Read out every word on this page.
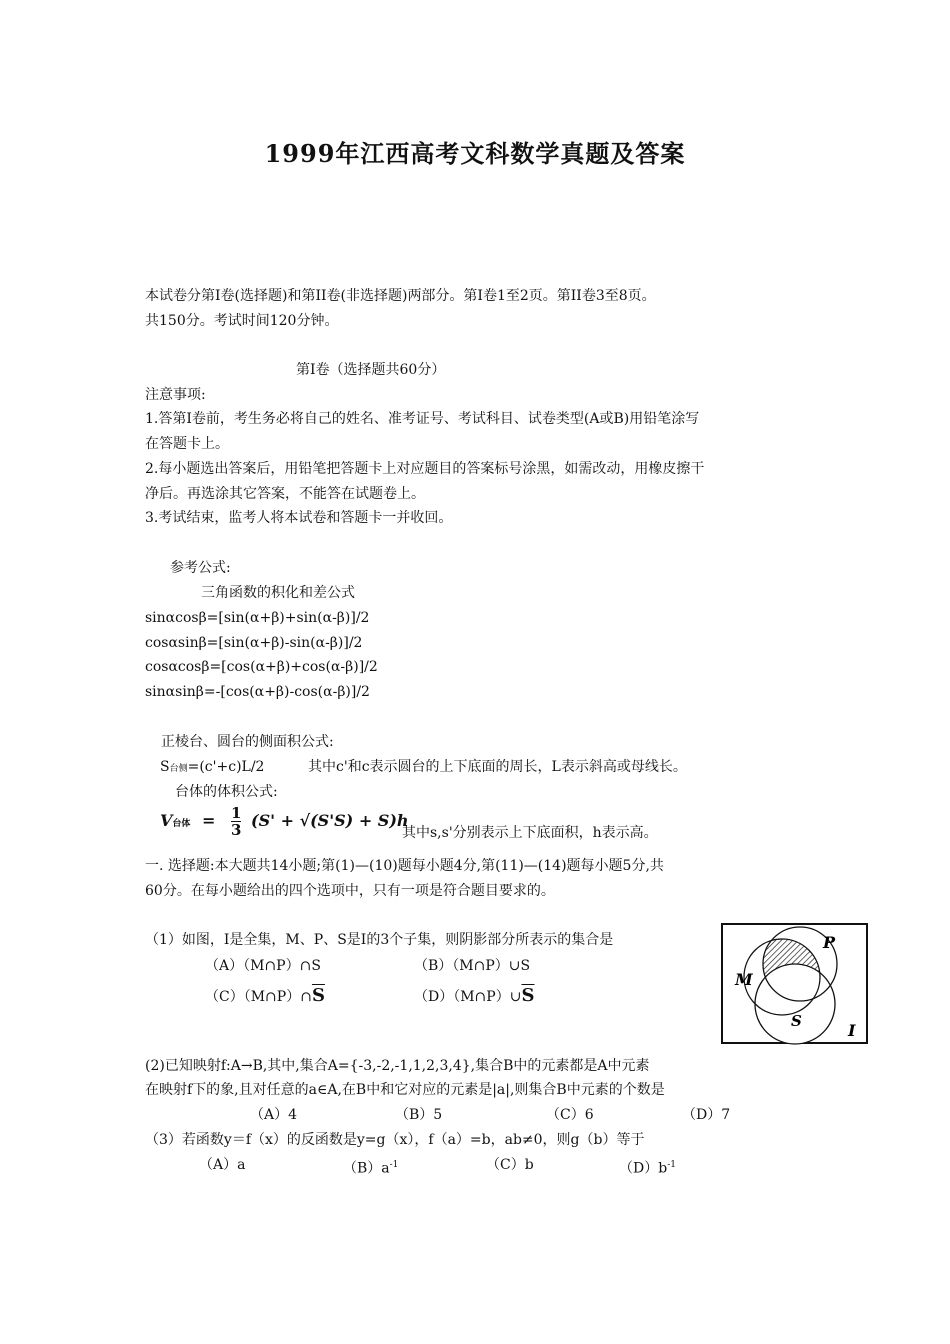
1999年江西高考文科数学真题及答案
本试卷分第Ⅰ卷(选择题)和第II卷(非选择题)两部分。第Ⅰ卷1至2页。第II卷3至8页。
共150分。考试时间120分钟。
第Ⅰ卷（选择题共60分）
注意事项:
1.答第Ⅰ卷前，考生务必将自己的姓名、准考证号、考试科目、试卷类型(A或B)用铅笔涂写
在答题卡上。
2.每小题选出答案后，用铅笔把答题卡上对应题目的答案标号涂黑，如需改动，用橡皮擦干
净后。再选涂其它答案，不能答在试题卷上。
3.考试结束，监考人将本试卷和答题卡一并收回。
参考公式:
三角函数的积化和差公式
sinαcosβ=[sin(α+β)+sin(α-β)]/2
cosαsinβ=[sin(α+β)-sin(α-β)]/2
cosαcosβ=[cos(α+β)+cos(α-β)]/2
sinαsinβ=-[cos(α+β)-cos(α-β)]/2
正棱台、圆台的侧面积公式:
S台侧=(c'+c)L/2	其中c'和c表示圆台的上下底面的周长，L表示斜高或母线长。
台体的体积公式:
V台体 = $\frac{1}{3} (S' + √(S'S) + S)h$
其中s,s'分别表示上下底面积，h表示高。
一. 选择题:本大题共14小题;第(1)—(10)题每小题4分,第(11)—(14)题每小题5分,共
60分。在每小题给出的四个选项中，只有一项是符合题目要求的。
（1）如图，I是全集，M、P、S是I的3个子集，则阴影部分所表示的集合是
（A）（M∩P）∩S	（B）（M∩P）∪S
$(C)(M\cap P)\cap\overline{S}$	$(D)(M\cap P)\cup\overline{S}$
M
P
S	I
(2)已知映射f:A→B,其中,集合A={-3,-2,-1,1,2,3,4},集合B中的元素都是A中元素
在映射f下的象,且对任意的a∈A,在B中和它对应的元素是|a|,则集合B中元素的个数是
（A）4	（B）5	（C）6	（D）7
（3）若函数y＝f（x）的反函数是y=g（x），f（a）=b，ab≠0，则g（b）等于
（A）a	$(B)a^{-1}$	（C）b	$(D)b^{-1}$
